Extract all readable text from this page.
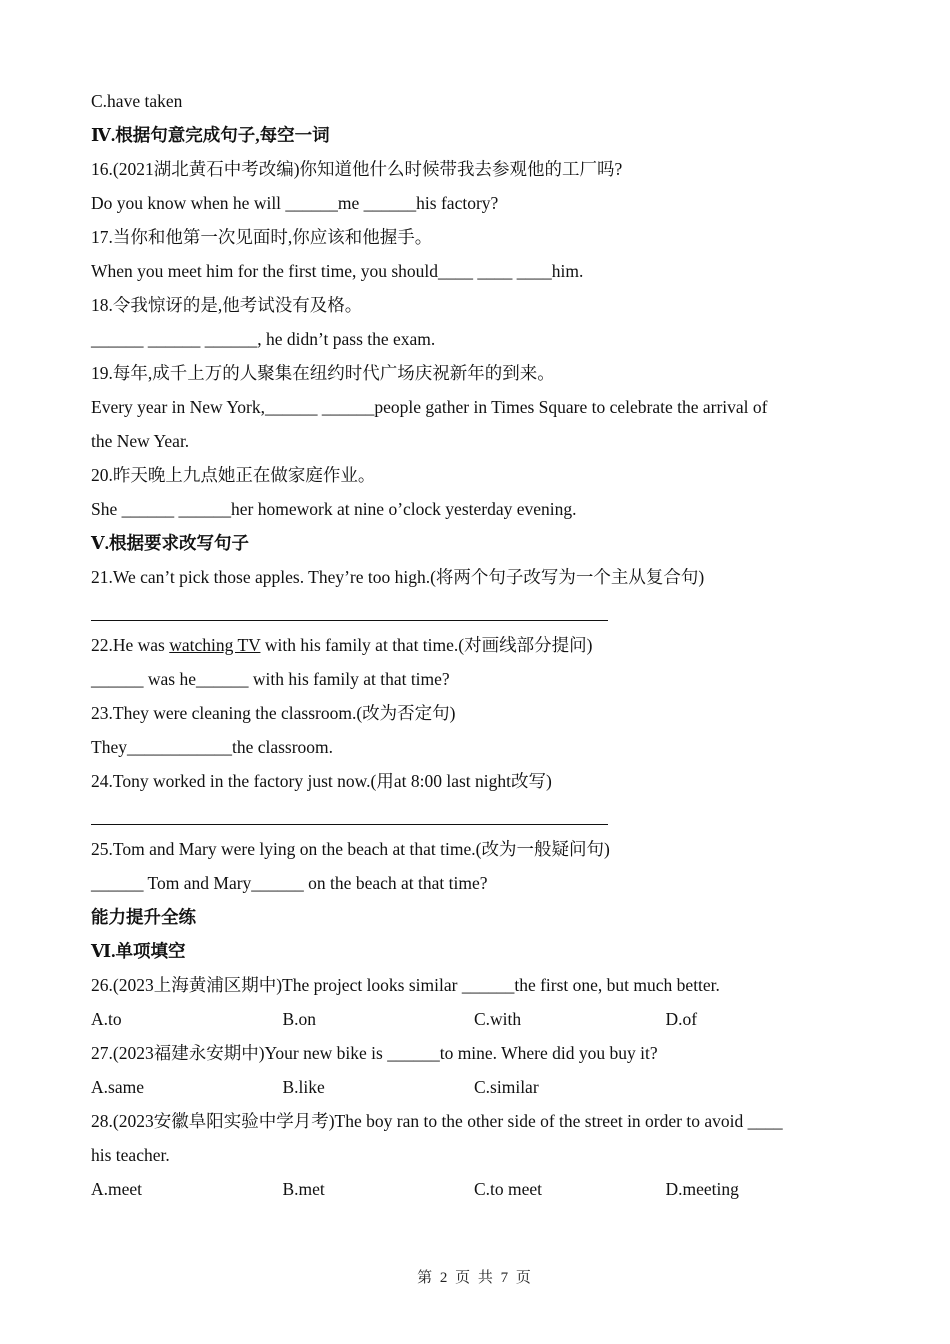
C.have taken
Ⅳ.根据句意完成句子,每空一词
16.(2021湖北黄石中考改编)你知道他什么时候带我去参观他的工厂吗?
Do you know when he will ______me ______his factory?
17.当你和他第一次见面时,你应该和他握手。
When you meet him for the first time, you should____ ____ ____him.
18.令我惊讶的是,他考试没有及格。
______ ______ ______, he didn’t pass the exam.
19.每年,成千上万的人聚集在纽约时代广场庆祝新年的到来。
Every year in New York,______ ______people gather in Times Square to celebrate the arrival of
the New Year.
20.昨天晚上九点她正在做家庭作业。
She ______ ______her homework at nine o’clock yesterday evening.
Ⅴ.根据要求改写句子
21.We can’t pick those apples. They’re too high.(将两个句子改写为一个主从复合句)
22.He was watching TV with his family at that time.(对画线部分提问)
______ was he______ with his family at that time?
23.They were cleaning the classroom.(改为否定句)
They____________the classroom.
24.Tony worked in the factory just now.(用at 8:00 last night改写)
25.Tom and Mary were lying on the beach at that time.(改为一般疑问句)
______ Tom and Mary______ on the beach at that time?
能力提升全练
Ⅵ.单项填空
26.(2023上海黄浦区期中)The project looks similar ______the first one, but much better.
A.to	B.on	C.with	D.of
27.(2023福建永安期中)Your new bike is ______to mine. Where did you buy it?
A.same	B.like	C.similar
28.(2023安徽阜阳实验中学月考)The boy ran to the other side of the street in order to avoid ____
his teacher.
A.meet	B.met	C.to meet	D.meeting
第 2 页 共 7 页
